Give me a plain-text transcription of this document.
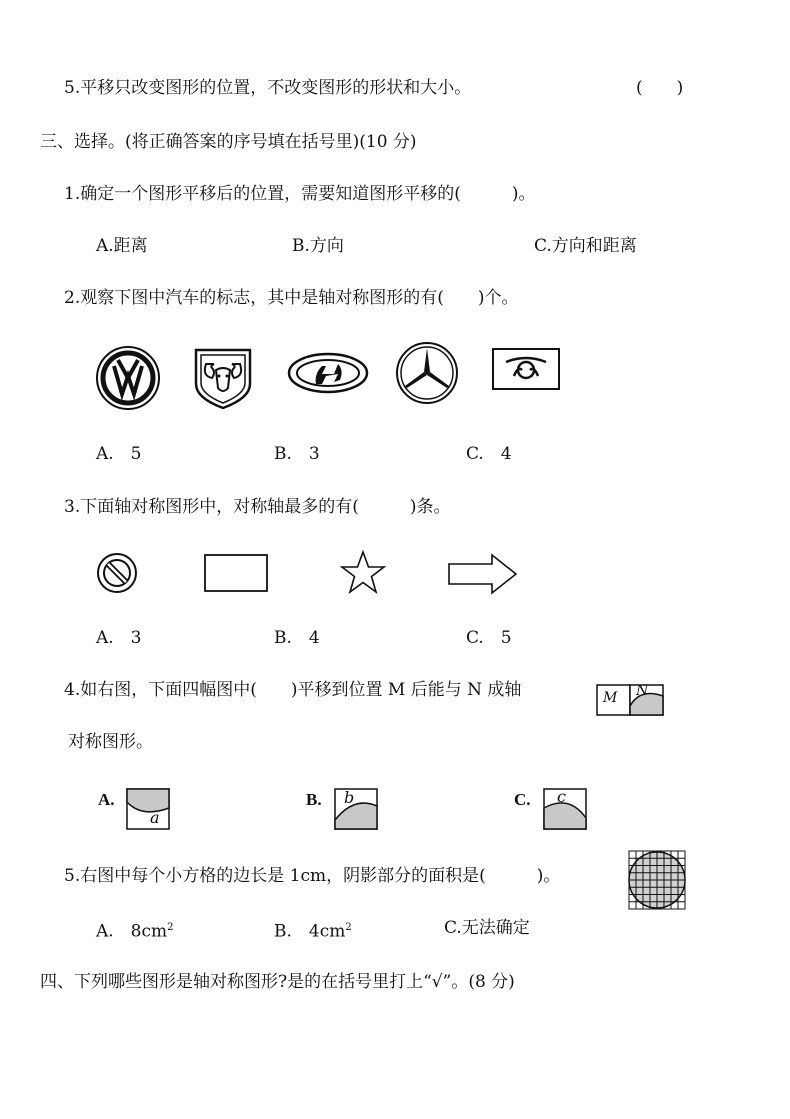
5.平移只改变图形的位置，不改变图形的形状和大小。	(　　)
三、选择。(将正确答案的序号填在括号里)(10 分)
1.确定一个图形平移后的位置，需要知道图形平移的(　　　)。
A.距离	B.方向	C.方向和距离
2.观察下图中汽车的标志，其中是轴对称图形的有(　　)个。
A.　5	B.　3	C.　4
3.下面轴对称图形中，对称轴最多的有(　　　)条。
A.　3	B.　4	C.　5
4.如右图，下面四幅图中(　　)平移到位置 M 后能与 N 成轴
对称图形。
M N
A.
a
B. b	C. c
5.右图中每个小方格的边长是 1cm，阴影部分的面积是(　　　)。
A.　$8cm^2$	B.　$4cm^2$	C.无法确定
四、下列哪些图形是轴对称图形?是的在括号里打上“√”。(8 分)
